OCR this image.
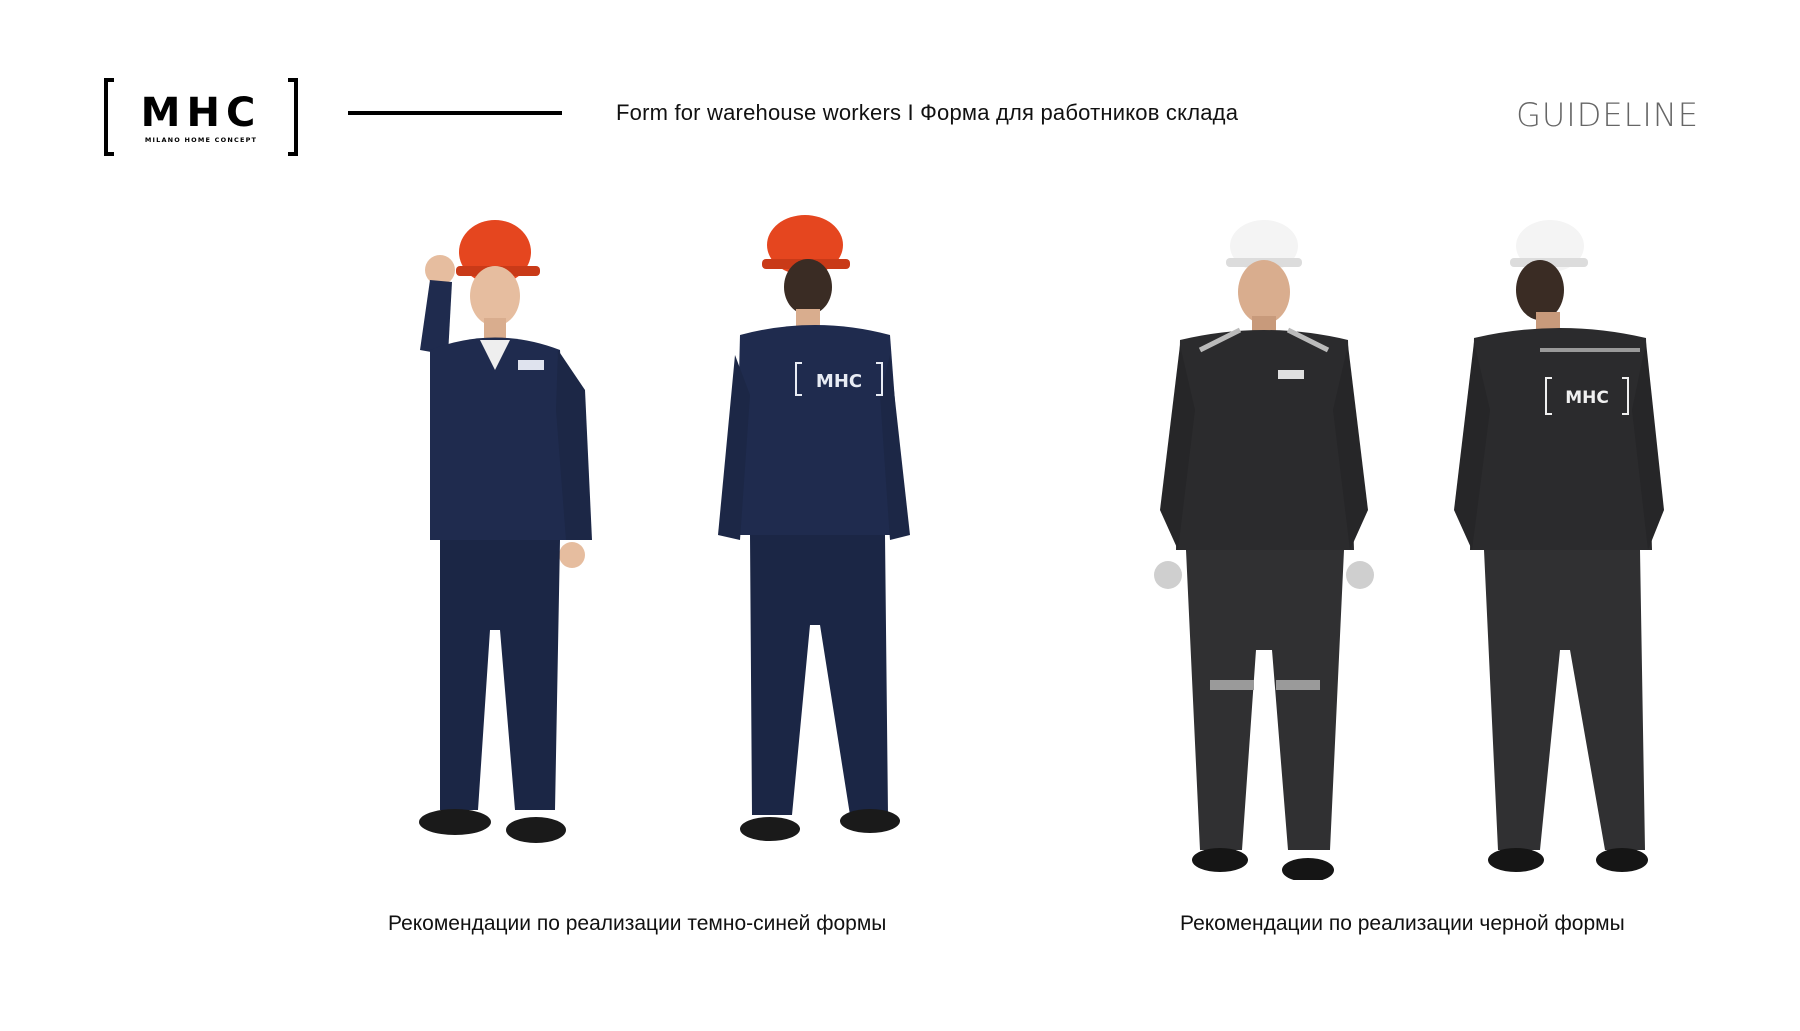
MHC
MILANO HOME CONCEPT
Form for warehouse workers I Форма для работников склада	GUIDELINE
MHC
MHC
Рекомендации по реализации темно-синей формы	Рекомендации по реализации черной формы
